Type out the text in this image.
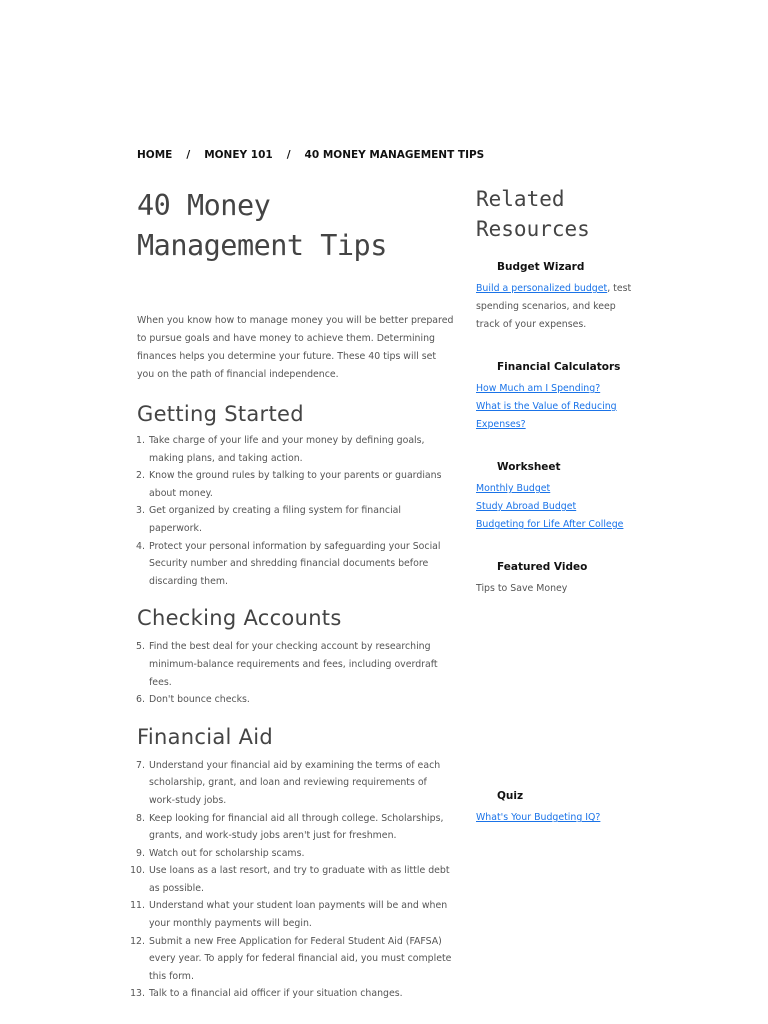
HOME / MONEY 101 / 40 MONEY MANAGEMENT TIPS
40 Money
Management Tips

When you know how to manage money you will be better prepared to pursue goals and have money to achieve them. Determining finances helps you determine your future. These 40 tips will set you on the path of financial independence.

Getting Started
1. Take charge of your life and your money by defining goals, making plans, and taking action.
2. Know the ground rules by talking to your parents or guardians about money.
3. Get organized by creating a filing system for financial paperwork.
4. Protect your personal information by safeguarding your Social Security number and shredding financial documents before discarding them.
Checking Accounts
5. Find the best deal for your checking account by researching minimum-balance requirements and fees, including overdraft fees.
6. Don't bounce checks.
Financial Aid
7. Understand your financial aid by examining the terms of each scholarship, grant, and loan and reviewing requirements of work-study jobs.
8. Keep looking for financial aid all through college. Scholarships, grants, and work-study jobs aren't just for freshmen.
9. Watch out for scholarship scams.
10. Use loans as a last resort, and try to graduate with as little debt as possible.
11. Understand what your student loan payments will be and when your monthly payments will begin.
12. Submit a new Free Application for Federal Student Aid (FAFSA) every year. To apply for federal financial aid, you must complete this form.
13. Talk to a financial aid officer if your situation changes.
Related
Resources
Budget Wizard
Build a personalized budget, test spending scenarios, and keep track of your expenses.
Financial Calculators
How Much am I Spending?
What is the Value of Reducing Expenses?
Worksheet
Monthly Budget
Study Abroad Budget
Budgeting for Life After College
Featured Video
Tips to Save Money
Quiz
What's Your Budgeting IQ?
